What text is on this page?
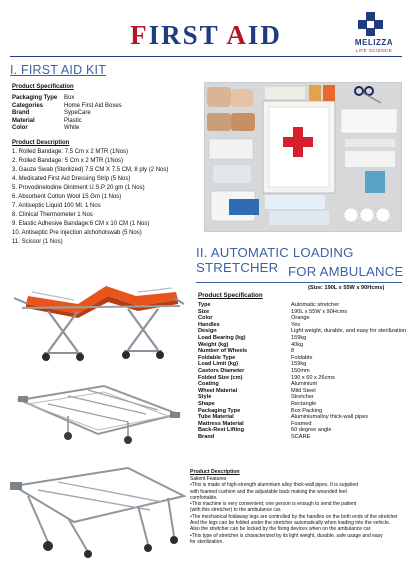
FIRST AID	MELIZZA
LIFE SCIENCE
I. FIRST AID KIT
Product Specification
Packaging Type	Box
Categories	Home First Aid Boxes
Brand	SypeCare
Material	Plastic
Color	White
Product Description
1. Rolled Bandage: 7.5 Cm x 2 MTR (1Nos)
2. Rolled Bandage: 5 Cm x 2 MTR (1Nos)
3. Gauze Swab (Sterilized) 7.5 CM X 7.5 CM, 8 ply (2 Nos)
4. Medicated First Aid Dressing Strip (5 Nos)
5. Provodinelodine Ointment U.S.P 20 gm (1 Nos)
6. Absorbent Cotton Wool 15 Gm (1 Nos)
7. Antiseptic Liquid 100 Ml. 1 Nos
8. Clinical Thermometer 1 Nos
9. Elastic Adhesive Bandage:6 CM x 10 CM (1 Nos)
10. Antiseptic Pre injection alchoholswab (5 Nos)
11. Scissor (1 Nos)
II. AUTOMATIC LOADING STRETCHER FOR AMBULANCE
(Size: 190L x 55W x 90Hcms)
Product Specification
Type	Automatic stretcher
Size	190L x 55W x 90Hcms
Color	Orange
Handles	Yes
Design	Light weight, durable, and easy for sterilization
Load Bearing (kg)	159kg
Weight (kg)	40kg
Number of Wheels	8
Foldable Type	Foldable
Load Limit (kg)	159kg
Castors Diameter	150mm
Folded Size (cm)	190 x 60 x 26cms
Coating	Aluminium
Wheel Material	Mild Steel
Style	Stretcher
Shape	Rectangle
Packaging Type	Box Packing
Tube Material	Aluminiumalloy thick-wall pipes
Mattress Material	Foamed
Back-Rest Lifting	60 degree angle
Brand	SCARE
Product Description
Salient Features
•This is made of high-strength aluminium alloy thick-wall pipes. It is supplied
with foamed cushion and the adjustable back making the wounded feel
comfortable.
•This machine is very convenient; one person is enough to send the patient
(with this stretcher) to the ambulance car.
•The mechanical foldaway legs are controlled by the handles on the both ends of the stretcher
And the legs can be folded under the stretcher automatically when loading into the vehicle.
Also the stretcher can be locked by the fixing devices when on the ambulance car.
•This type of stretcher is characterized by its light weight, durable, safe usage and easy
for sterilization.
